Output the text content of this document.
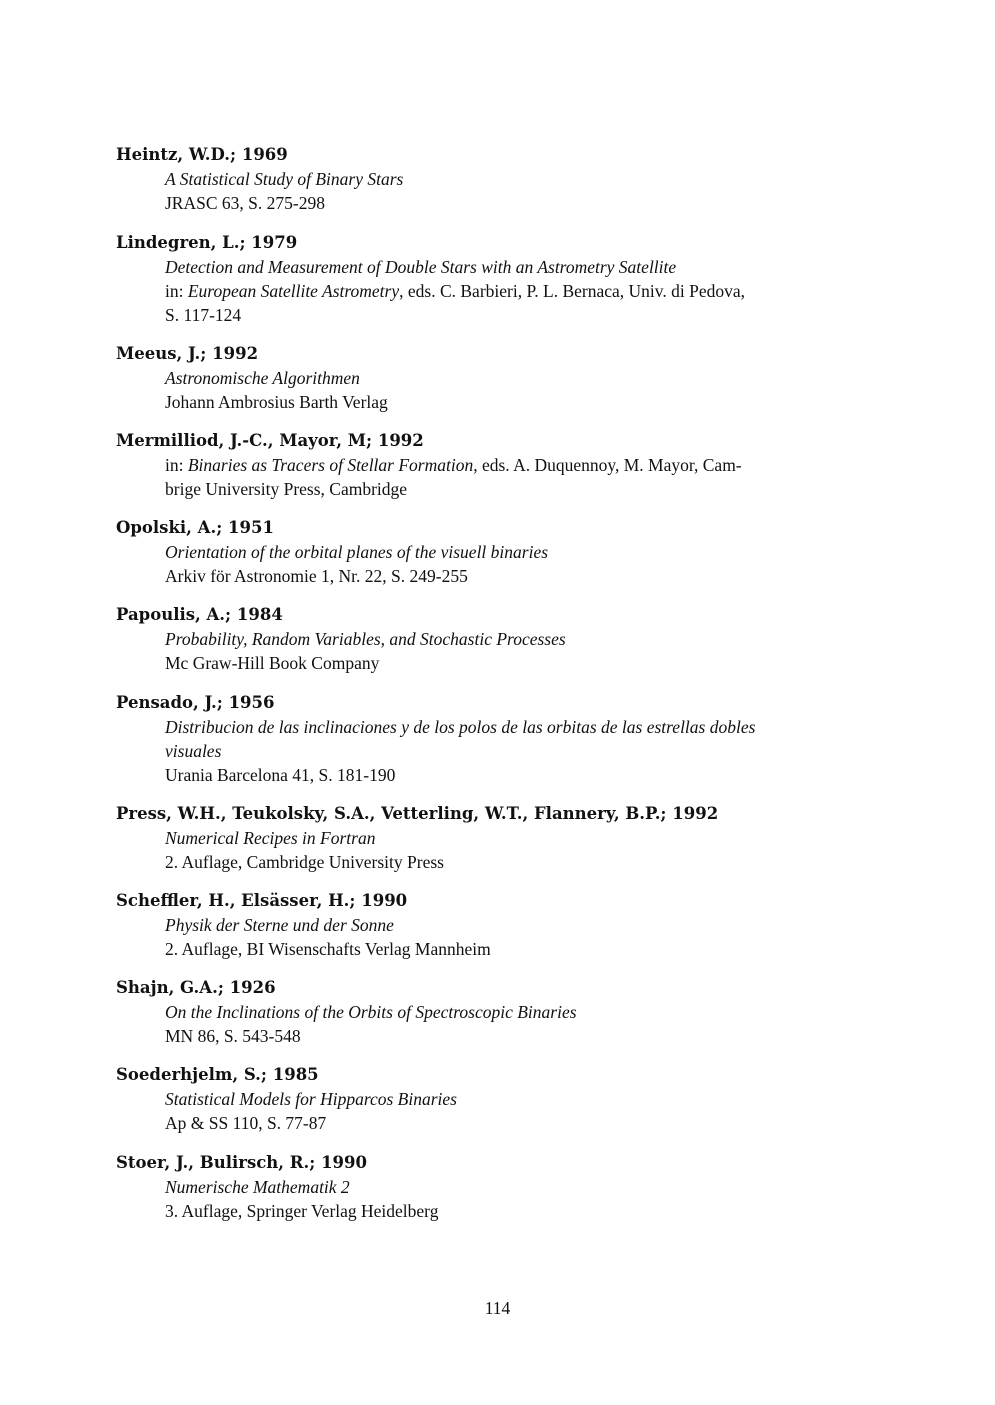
Heintz, W.D.; 1969
A Statistical Study of Binary Stars
JRASC 63, S. 275-298
Lindegren, L.; 1979
Detection and Measurement of Double Stars with an Astrometry Satellite
in: European Satellite Astrometry, eds. C. Barbieri, P. L. Bernaca, Univ. di Pedova,
S. 117-124
Meeus, J.; 1992
Astronomische Algorithmen
Johann Ambrosius Barth Verlag
Mermilliod, J.-C., Mayor, M; 1992
in: Binaries as Tracers of Stellar Formation, eds. A. Duquennoy, M. Mayor, Cam-
brige University Press, Cambridge
Opolski, A.; 1951
Orientation of the orbital planes of the visuell binaries
Arkiv för Astronomie 1, Nr. 22, S. 249-255
Papoulis, A.; 1984
Probability, Random Variables, and Stochastic Processes
Mc Graw-Hill Book Company
Pensado, J.; 1956
Distribucion de las inclinaciones y de los polos de las orbitas de las estrellas dobles
visuales
Urania Barcelona 41, S. 181-190
Press, W.H., Teukolsky, S.A., Vetterling, W.T., Flannery, B.P.; 1992
Numerical Recipes in Fortran
2. Auflage, Cambridge University Press
Scheffler, H., Elsässer, H.; 1990
Physik der Sterne und der Sonne
2. Auflage, BI Wisenschafts Verlag Mannheim
Shajn, G.A.; 1926
On the Inclinations of the Orbits of Spectroscopic Binaries
MN 86, S. 543-548
Soederhjelm, S.; 1985
Statistical Models for Hipparcos Binaries
Ap & SS 110, S. 77-87
Stoer, J., Bulirsch, R.; 1990
Numerische Mathematik 2
3. Auflage, Springer Verlag Heidelberg
114
